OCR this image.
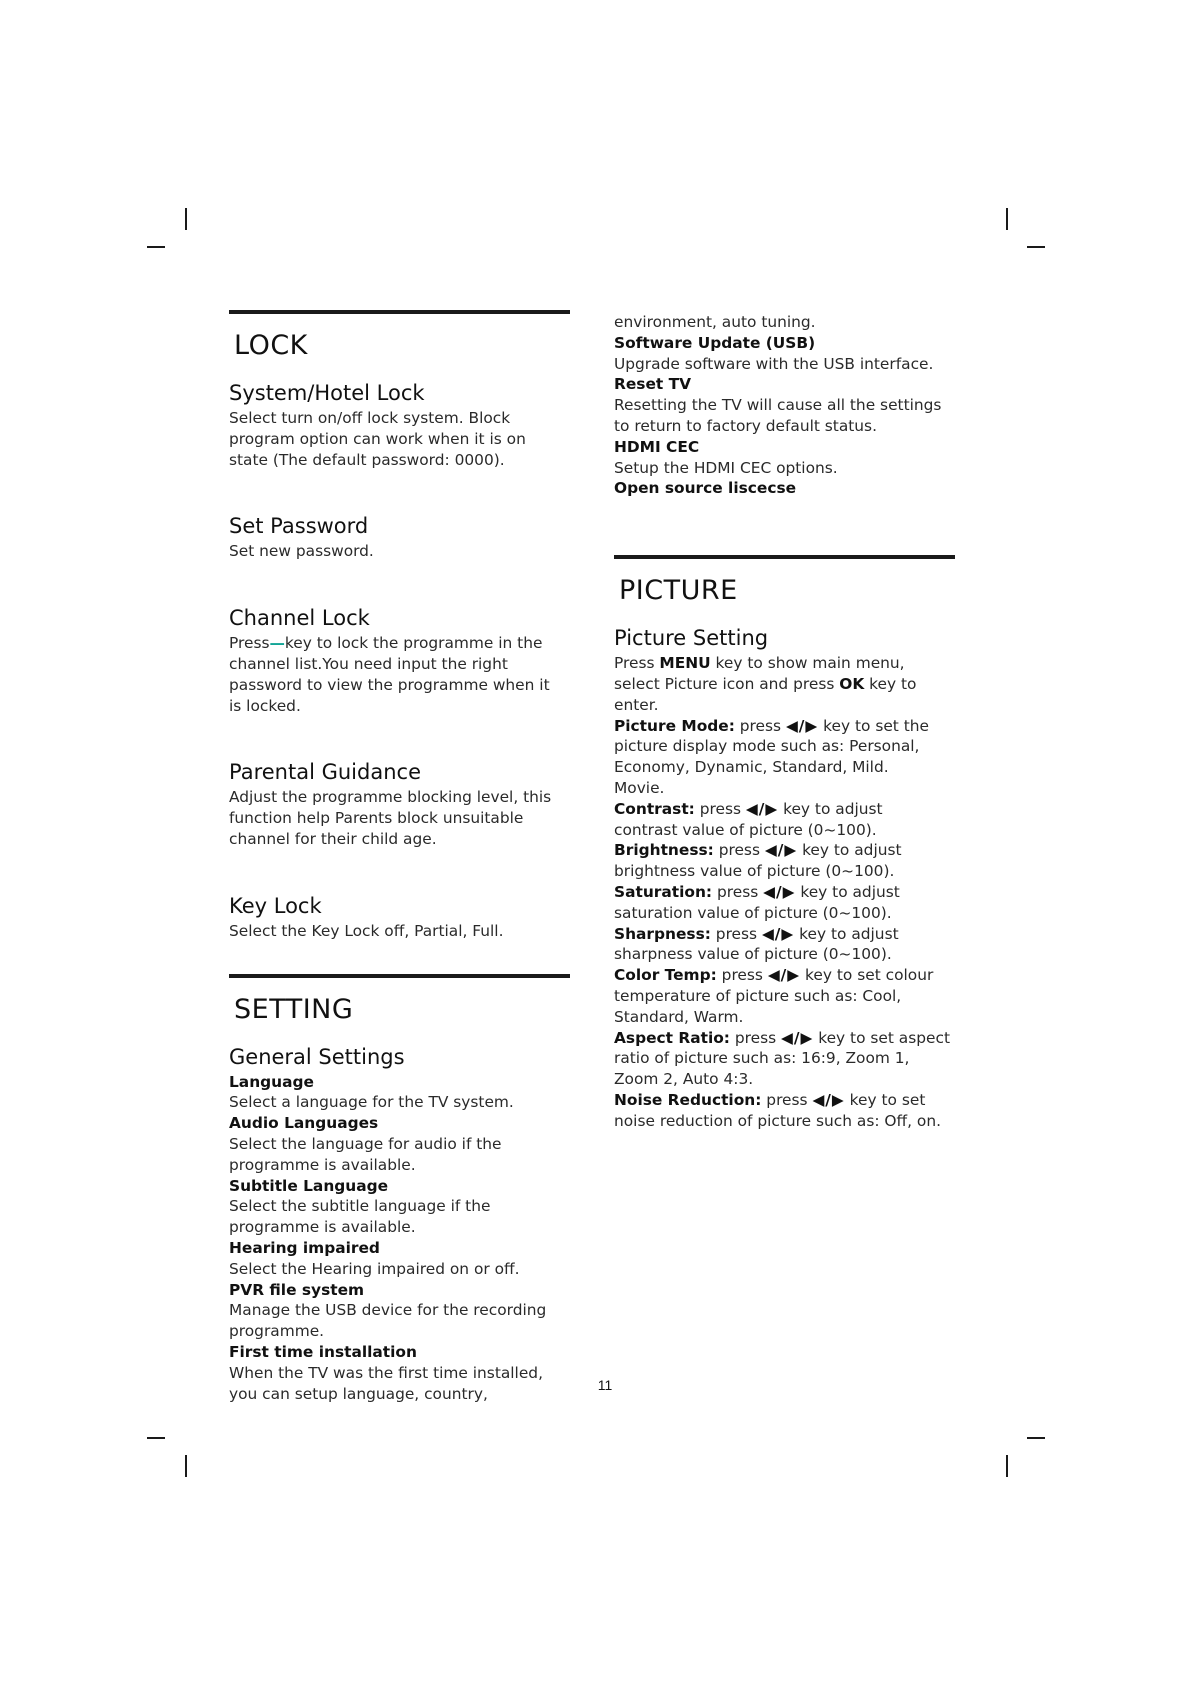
LOCK
System/Hotel Lock

Select turn on/off lock system. Block

program option can work when it is on

state (The default password: 0000).

Set Password

Set new password.

Channel Lock

Press—key to lock the programme in the

channel list.You need input the right

password to view the programme when it

is locked.

Parental Guidance

Adjust the programme blocking level, this

function help Parents block unsuitable

channel for their child age.

Key Lock

Select the Key Lock off, Partial, Full.

SETTING
General Settings
Language

Select a language for the TV system.

Audio Languages

Select the language for audio if the

programme is available.

Subtitle Language

Select the subtitle language if the

programme is available.

Hearing impaired

Select the Hearing impaired on or off.

PVR file system

Manage the USB device for the recording

programme.

First time installation

When the TV was the first time installed,

you can setup language, country,

environment, auto tuning.

Software Update (USB)

Upgrade software with the USB interface.

Reset TV

Resetting the TV will cause all the settings

to return to factory default status.

HDMI CEC

Setup the HDMI CEC options.

Open source liscecse
PICTURE
Picture Setting

Press MENU key to show main menu,

select Picture icon and press OK key to

enter.

Picture Mode: press ◀/▶ key to set the

picture display mode such as: Personal,

Economy, Dynamic, Standard, Mild.

Movie.

Contrast: press ◀/▶ key to adjust

contrast value of picture (0~100).

Brightness: press ◀/▶ key to adjust

brightness value of picture (0~100).

Saturation: press ◀/▶ key to adjust

saturation value of picture (0~100).

Sharpness: press ◀/▶ key to adjust

sharpness value of picture (0~100).

Color Temp: press ◀/▶ key to set colour

temperature of picture such as: Cool,

Standard, Warm.

Aspect Ratio: press ◀/▶ key to set aspect

ratio of picture such as: 16:9, Zoom 1,

Zoom 2, Auto 4:3.

Noise Reduction: press ◀/▶ key to set

noise reduction of picture such as: Off, on.

11
